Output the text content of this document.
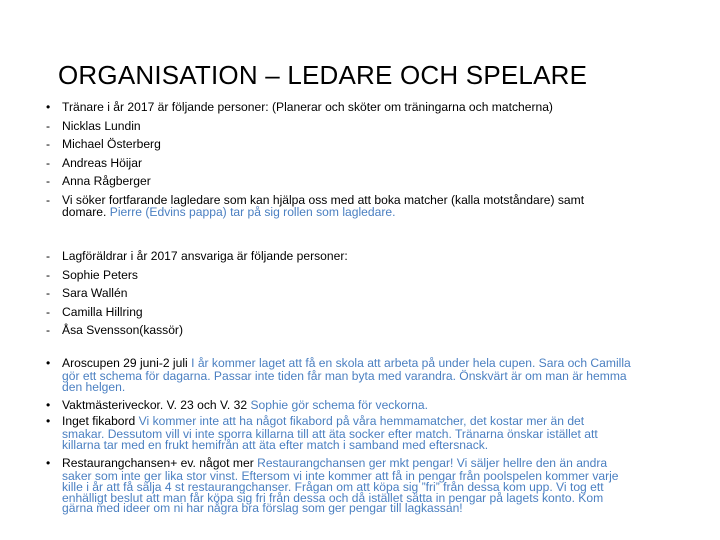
ORGANISATION – LEDARE OCH SPELARE
• Tränare i år 2017 är följande personer: (Planerar och sköter om träningarna och matcherna)
- Nicklas Lundin
- Michael Österberg
- Andreas Höijar
- Anna Rågberger
- Vi söker fortfarande lagledare som kan hjälpa oss med att boka matcher (kalla motståndare) samt
domare. Pierre (Edvins pappa) tar på sig rollen som lagledare.
- Lagföräldrar i år 2017 ansvariga är följande personer:
- Sophie Peters
- Sara Wallén
- Camilla Hillring
- Åsa Svensson(kassör)
• Aroscupen 29 juni-2 juli I år kommer laget att få en skola att arbeta på under hela cupen. Sara och Camilla
gör ett schema för dagarna. Passar inte tiden får man byta med varandra. Önskvärt är om man är hemma
den helgen.
• Vaktmästeriveckor. V. 23 och V. 32 Sophie gör schema för veckorna.
• Inget fikabord Vi kommer inte att ha något fikabord på våra hemmamatcher, det kostar mer än det
smakar. Dessutom vill vi inte sporra killarna till att äta socker efter match. Tränarna önskar istället att
killarna tar med en frukt hemifrån att äta efter match i samband med eftersnack.
• Restaurangchansen+ ev. något mer Restaurangchansen ger mkt pengar! Vi säljer hellre den än andra
saker som inte ger lika stor vinst. Eftersom vi inte kommer att få in pengar från poolspelen kommer varje
kille i år att få sälja 4 st restaurangchanser. Frågan om att köpa sig ”fri” från dessa kom upp. Vi tog ett
enhälligt beslut att man får köpa sig fri från dessa och då istället sätta in pengar på lagets konto. Kom
gärna med ideer om ni har några bra förslag som ger pengar till lagkassan!
